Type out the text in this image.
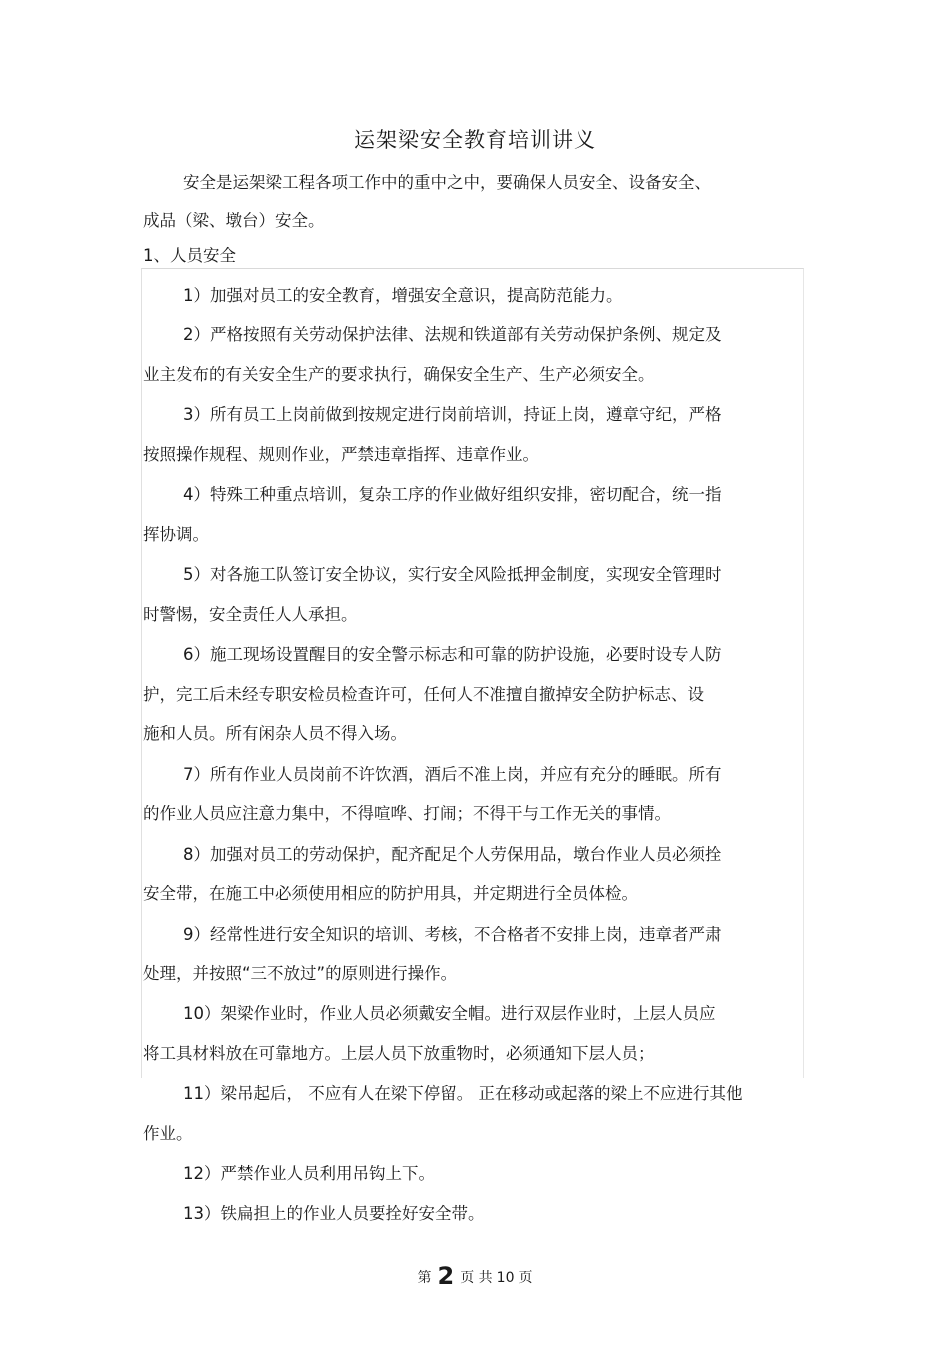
运架梁安全教育培训讲义
安全是运架梁工程各项工作中的重中之中，要确保人员安全、设备安全、
成品（梁、墩台）安全。
1、人员安全
1）加强对员工的安全教育，增强安全意识，提高防范能力。
2）严格按照有关劳动保护法律、法规和铁道部有关劳动保护条例、规定及
业主发布的有关安全生产的要求执行，确保安全生产、生产必须安全。
3）所有员工上岗前做到按规定进行岗前培训，持证上岗，遵章守纪，严格
按照操作规程、规则作业，严禁违章指挥、违章作业。
4）特殊工种重点培训，复杂工序的作业做好组织安排，密切配合，统一指
挥协调。
5）对各施工队签订安全协议，实行安全风险抵押金制度，实现安全管理时
时警惕，安全责任人人承担。
6）施工现场设置醒目的安全警示标志和可靠的防护设施，必要时设专人防
护，完工后未经专职安检员检查许可，任何人不准擅自撤掉安全防护标志、设
施和人员。所有闲杂人员不得入场。
7）所有作业人员岗前不许饮酒，酒后不准上岗，并应有充分的睡眠。所有
的作业人员应注意力集中，不得喧哗、打闹；不得干与工作无关的事情。
8）加强对员工的劳动保护，配齐配足个人劳保用品，墩台作业人员必须拴
安全带，在施工中必须使用相应的防护用具，并定期进行全员体检。
9）经常性进行安全知识的培训、考核，不合格者不安排上岗，违章者严肃
处理，并按照“三不放过”的原则进行操作。
10）架梁作业时，作业人员必须戴安全帽。进行双层作业时，上层人员应
将工具材料放在可靠地方。上层人员下放重物时，必须通知下层人员；
11）梁吊起后， 不应有人在梁下停留。 正在移动或起落的梁上不应进行其他
作业。
12）严禁作业人员利用吊钩上下。
13）铁扁担上的作业人员要拴好安全带。
第 2 页 共 10 页
